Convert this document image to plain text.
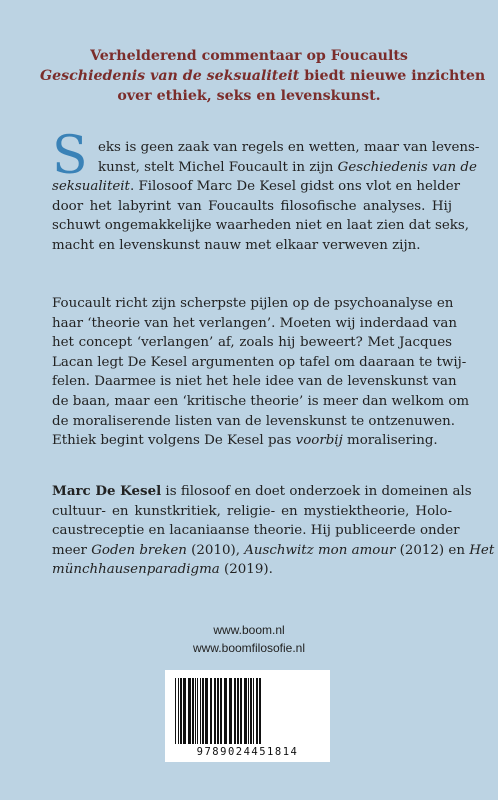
Verhelderend commentaar op Foucaults
Geschiedenis van de seksualiteit biedt nieuwe inzichten
over ethiek, seks en levenskunst.
S eks is geen zaak van regels en wetten, maar van levens-
kunst, stelt Michel Foucault in zijn Geschiedenis van de
seksualiteit. Filosoof Marc De Kesel gidst ons vlot en helder
door het labyrint van Foucaults filosofische analyses. Hij
schuwt ongemakkelijke waarheden niet en laat zien dat seks,
macht en levenskunst nauw met elkaar verweven zijn.
Foucault richt zijn scherpste pijlen op de psychoanalyse en
haar ‘theorie van het verlangen’. Moeten wij inderdaad van
het concept ‘verlangen’ af, zoals hij beweert? Met Jacques
Lacan legt De Kesel argumenten op tafel om daaraan te twij-
felen. Daarmee is niet het hele idee van de levenskunst van
de baan, maar een ‘kritische theorie’ is meer dan welkom om
de moraliserende listen van de levenskunst te ontzenuwen.
Ethiek begint volgens De Kesel pas voorbij moralisering.
Marc De Kesel is filosoof en doet onderzoek in domeinen als
cultuur- en kunstkritiek, religie- en mystiektheorie, Holo-
caustreceptie en lacaniaanse theorie. Hij publiceerde onder
meer Goden breken (2010), Auschwitz mon amour (2012) en Het
münchhausenparadigma (2019).
www.boom.nl
www.boomfilosofie.nl
9789024451814
